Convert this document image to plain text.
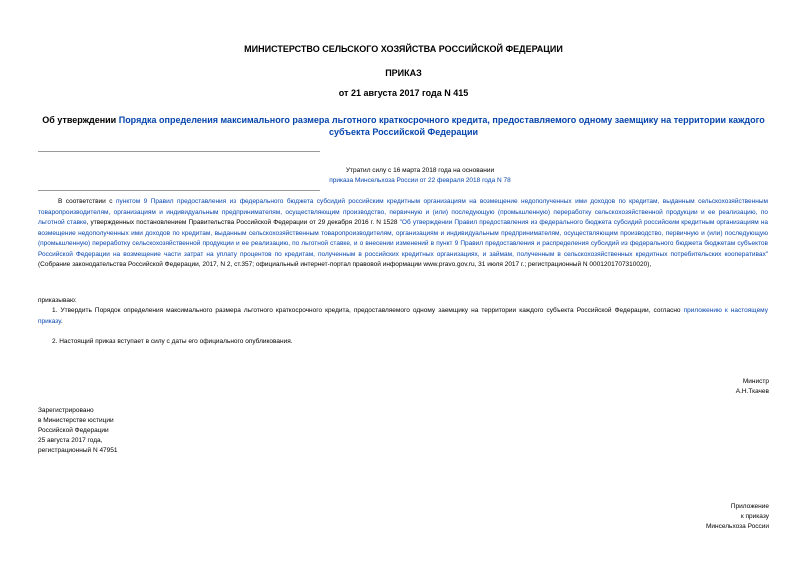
МИНИСТЕРСТВО СЕЛЬСКОГО ХОЗЯЙСТВА РОССИЙСКОЙ ФЕДЕРАЦИИ
ПРИКАЗ
от 21 августа 2017 года N 415
Об утверждении Порядка определения максимального размера льготного краткосрочного кредита, предоставляемого одному заемщику на территории каждого субъекта Российской Федерации
Утратил силу с 16 марта 2018 года на основании
приказа Минсельхоза России от 22 февраля 2018 года N 78
В соответствии с пунктом 9 Правил предоставления из федерального бюджета субсидий российским кредитным организациям на возмещение недополученных ими доходов по кредитам, выданным сельскохозяйственным товаропроизводителям, организациям и индивидуальным предпринимателям, осуществляющим производство, первичную и (или) последующую (промышленную) переработку сельскохозяйственной продукции и ее реализацию, по льготной ставке, утвержденных постановлением Правительства Российской Федерации от 29 декабря 2016 г. N 1528 "Об утверждении Правил предоставления из федерального бюджета субсидий российским кредитным организациям на возмещение недополученных ими доходов по кредитам, выданным сельскохозяйственным товаропроизводителям, организациям и индивидуальным предпринимателям, осуществляющим производство, первичную и (или) последующую (промышленную) переработку сельскохозяйственной продукции и ее реализацию, по льготной ставке, и о внесении изменений в пункт 9 Правил предоставления и распределения субсидий из федерального бюджета бюджетам субъектов Российской Федерации на возмещение части затрат на уплату процентов по кредитам, полученным в российских кредитных организациях, и займам, полученным в сельскохозяйственных кредитных потребительских кооперативах" (Собрание законодательства Российской Федерации, 2017, N 2, ст.357; официальный интернет-портал правовой информации www.pravo.gov.ru, 31 июля 2017 г.; регистрационный N 0001201707310020),
приказываю:
1. Утвердить Порядок определения максимального размера льготного краткосрочного кредита, предоставляемого одному заемщику на территории каждого субъекта Российской Федерации, согласно приложению к настоящему приказу.
2. Настоящий приказ вступает в силу с даты его официального опубликования.
Министр
А.Н.Ткачев
Зарегистрировано
в Министерстве юстиции
Российской Федерации
25 августа 2017 года,
регистрационный N 47951
Приложение
к приказу
Минсельхоза России
